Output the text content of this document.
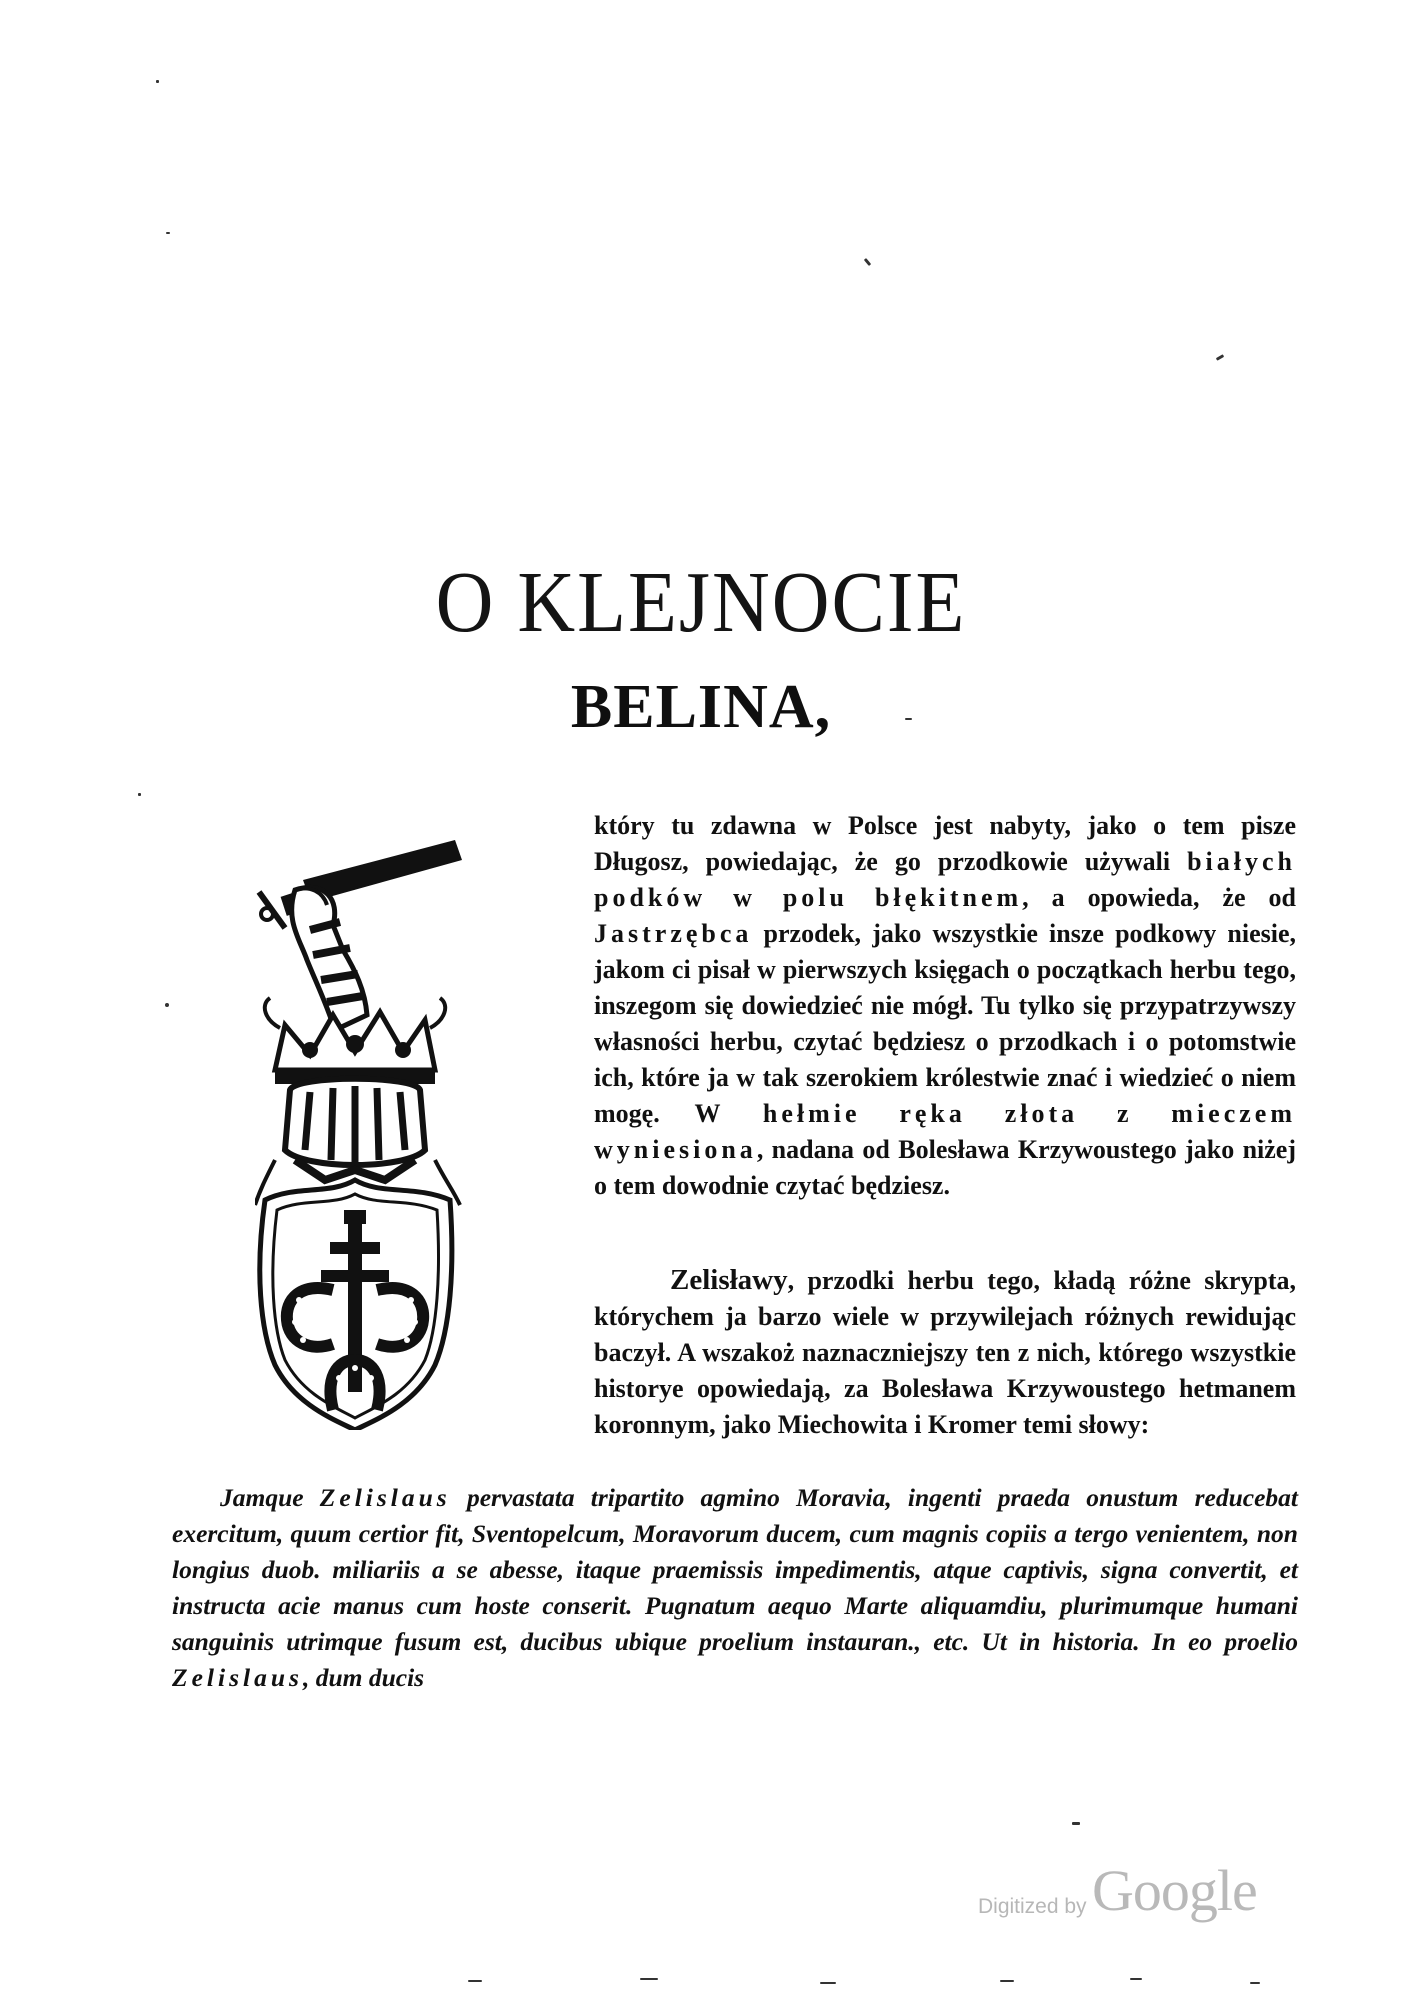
O KLEJNOCIE
BELINA,
który tu zdawna w Polsce jest nabyty, jako o tem pisze Długosz, powiedając, że go przodkowie używali białych podków w polu błękitnem, a opowieda, że od Jastrzębca przodek, jako wszystkie insze podkowy niesie, jakom ci pisał w pierwszych księgach o początkach herbu tego, inszegom się dowiedzieć nie mógł. Tu tylko się przypatrzywszy własności herbu, czytać będziesz o przodkach i o potomstwie ich, które ja w tak szerokiem królestwie znać i wiedzieć o niem mogę. W hełmie ręka złota z mieczem wyniesiona, nadana od Bolesława Krzywoustego jako niżej o tem dowodnie czytać będziesz.
Zelisławy, przodki herbu tego, kładą różne skrypta, którychem ja barzo wiele w przywilejach różnych rewidując baczył. A wszakoż naznaczniejszy ten z nich, którego wszystkie historye opowiedają, za Bolesława Krzywoustego hetmanem koronnym, jako Miechowita i Kromer temi słowy:
Jamque Zelislaus pervastata tripartito agmino Moravia, ingenti praeda onustum reducebat exercitum, quum certior fit, Sventopelcum, Moravorum ducem, cum magnis copiis a tergo venientem, non longius duob. miliariis a se abesse, itaque praemissis impedimentis, atque captivis, signa convertit, et instructa acie manus cum hoste conserit. Pugnatum aequo Marte aliquamdiu, plurimumque humani sanguinis utrimque fusum est, ducibus ubique proelium instauran., etc. Ut in historia. In eo proelio Zelislaus, dum ducis
Digitized by Google
